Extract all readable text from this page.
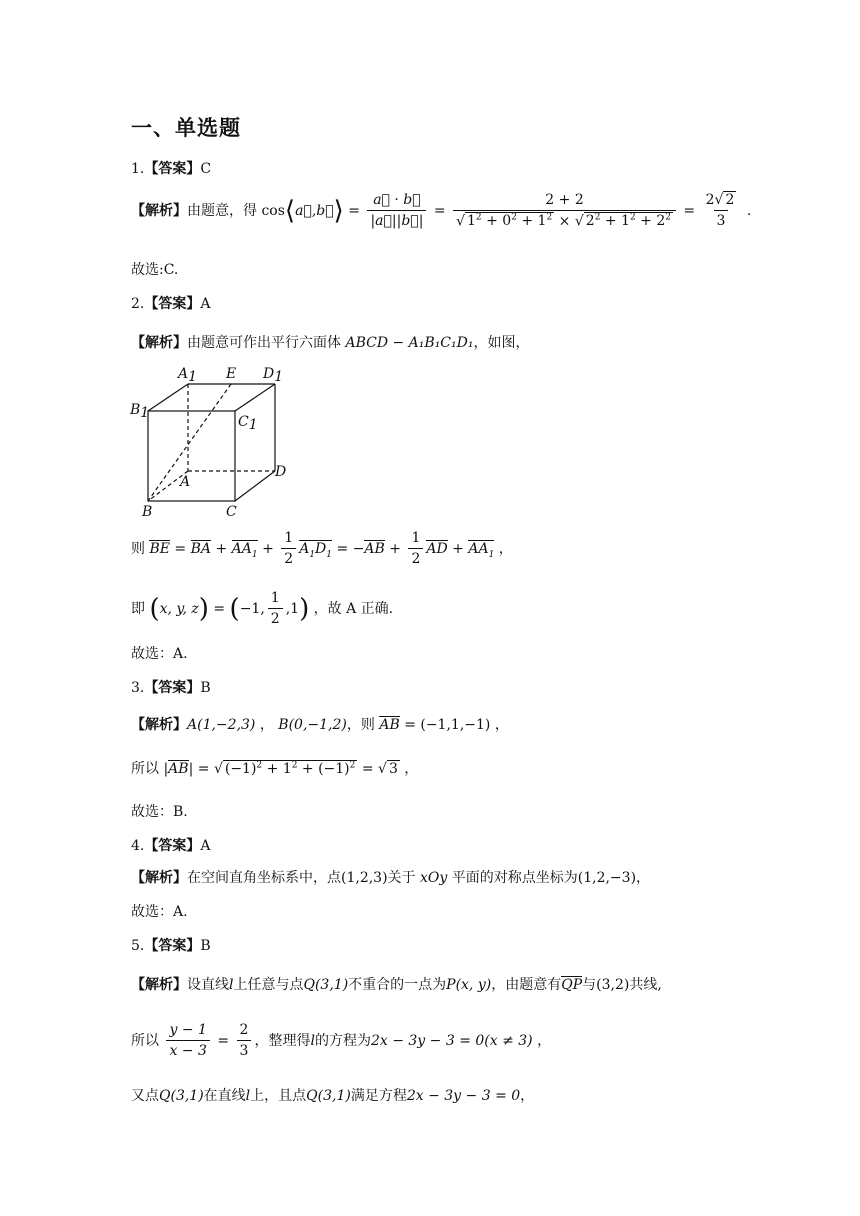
一、单选题
1.【答案】C
【解析】由题意，得 cos⟨a⃗,b⃗⟩ = $\frac{a⃗ \cdot b⃗}{|a⃗||b⃗|} = \frac{2 + 2}{√ 1^2 + 0^2 + 1^2 \times √ 2^2 + 1^2 + 2^2} = \frac{2√ 2}{3}$ .
故选:C.
2.【答案】A
【解析】由题意可作出平行六面体 ABCD − A₁B₁C₁D₁，如图，
A1 E D1
B1
C1
A
D
B	C
则 BE = BA + $AA_1 + \frac{1}{2} A_1D_1 = -AB + \frac{1}{2}$ AD + $AA_1$ ，
即 (x, y, z) = (−1, $\frac{1}{2} ,1$) ，故 A 正确.
故选：A.
3.【答案】B
【解析】A(1,−2,3) ， B(0,−1,2)，则 AB = (−1,1,−1) ，
所以 |AB| = √ $(-1)^2 + 1^2 + (-1)^2$ = √ 3 ，
故选：B.
4.【答案】A
【解析】在空间直角坐标系中，点(1,2,3)关于 xOy 平面的对称点坐标为(1,2,−3)，
故选：A.
5.【答案】B
【解析】设直线l上任意与点Q(3,1)不重合的一点为P(x, y)，由题意有QP与(3,2)共线,
所以 $\frac{y - 1}{x - 3} = \frac{2}{3}$ ，整理得l的方程为2x − 3y − 3 = 0(x ≠ 3) ，
又点Q(3,1)在直线l上，且点Q(3,1)满足方程2x − 3y − 3 = 0，
